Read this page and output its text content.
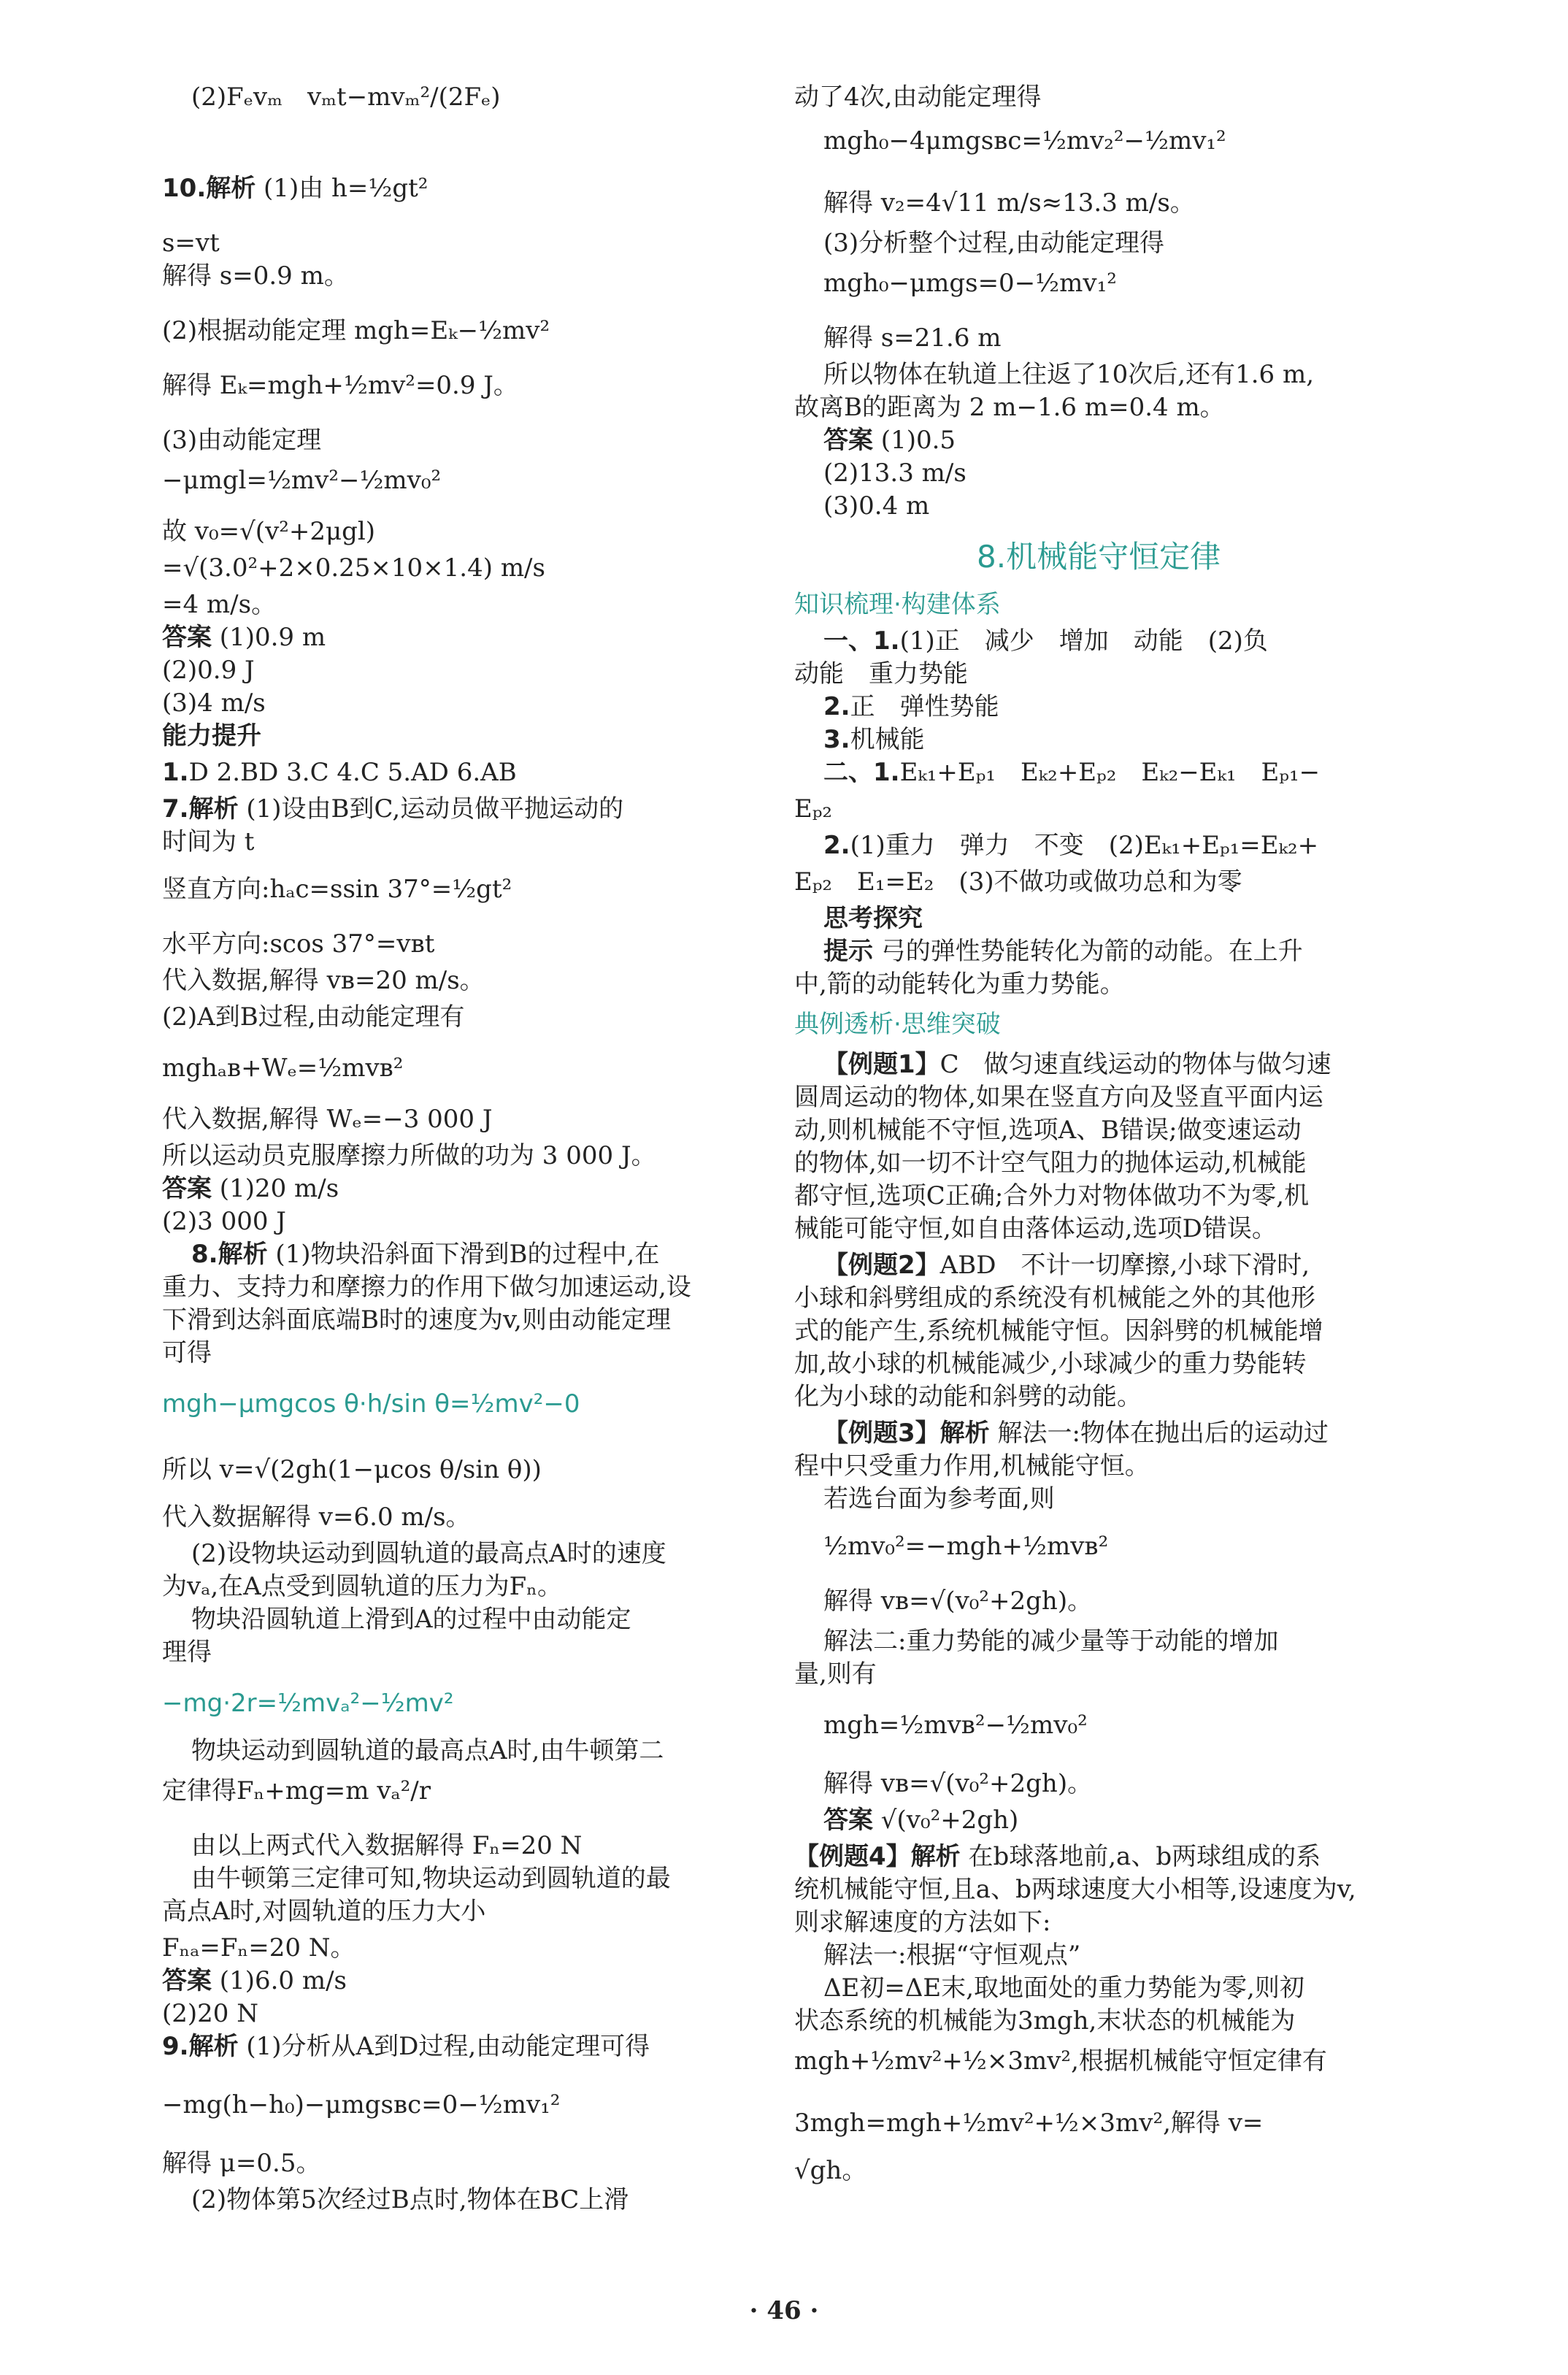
(2)Fₑvₘ　vₘt−mvₘ²/(2Fₑ)
10.解析 (1)由 h=½gt²
s=vt
解得 s=0.9 m。
(2)根据动能定理 mgh=Eₖ−½mv²
解得 Eₖ=mgh+½mv²=0.9 J。
(3)由动能定理
−μmgl=½mv²−½mv₀²
故 v₀=√(v²+2μgl)
=√(3.0²+2×0.25×10×1.4) m/s
=4 m/s。
答案 (1)0.9 m
(2)0.9 J
(3)4 m/s
能力提升
1.D 2.BD 3.C 4.C 5.AD 6.AB
7.解析 (1)设由B到C,运动员做平抛运动的
时间为 t
竖直方向:hₐc=ssin 37°=½gt²
水平方向:scos 37°=vʙt
代入数据,解得 vʙ=20 m/s。
(2)A到B过程,由动能定理有
mghₐʙ+Wₑ=½mvʙ²
代入数据,解得 Wₑ=−3 000 J
所以运动员克服摩擦力所做的功为 3 000 J。
答案 (1)20 m/s
(2)3 000 J
8.解析 (1)物块沿斜面下滑到B的过程中,在
重力、支持力和摩擦力的作用下做匀加速运动,设
下滑到达斜面底端B时的速度为v,则由动能定理
可得
mgh−μmgcos θ·h/sin θ=½mv²−0
所以 v=√(2gh(1−μcos θ/sin θ))
代入数据解得 v=6.0 m/s。
(2)设物块运动到圆轨道的最高点A时的速度
为vₐ,在A点受到圆轨道的压力为Fₙ。
物块沿圆轨道上滑到A的过程中由动能定
理得
−mg·2r=½mvₐ²−½mv²
物块运动到圆轨道的最高点A时,由牛顿第二
定律得Fₙ+mg=m vₐ²/r
由以上两式代入数据解得 Fₙ=20 N
由牛顿第三定律可知,物块运动到圆轨道的最
高点A时,对圆轨道的压力大小
Fₙₐ=Fₙ=20 N。
答案 (1)6.0 m/s
(2)20 N
9.解析 (1)分析从A到D过程,由动能定理可得
−mg(h−h₀)−μmgsʙc=0−½mv₁²
解得 μ=0.5。
(2)物体第5次经过B点时,物体在BC上滑
动了4次,由动能定理得
mgh₀−4μmgsʙc=½mv₂²−½mv₁²
解得 v₂=4√11 m/s≈13.3 m/s。
(3)分析整个过程,由动能定理得
mgh₀−μmgs=0−½mv₁²
解得 s=21.6 m
所以物体在轨道上往返了10次后,还有1.6 m,
故离B的距离为 2 m−1.6 m=0.4 m。
答案 (1)0.5
(2)13.3 m/s
(3)0.4 m
8.机械能守恒定律
知识梳理·构建体系
一、1.(1)正　减少　增加　动能　(2)负
动能　重力势能
2.正　弹性势能
3.机械能
二、1.Eₖ₁+Eₚ₁　Eₖ₂+Eₚ₂　Eₖ₂−Eₖ₁　Eₚ₁−
Eₚ₂
2.(1)重力　弹力　不变　(2)Eₖ₁+Eₚ₁=Eₖ₂+
Eₚ₂　E₁=E₂　(3)不做功或做功总和为零
思考探究
提示 弓的弹性势能转化为箭的动能。在上升
中,箭的动能转化为重力势能。
典例透析·思维突破
【例题1】C　做匀速直线运动的物体与做匀速
圆周运动的物体,如果在竖直方向及竖直平面内运
动,则机械能不守恒,选项A、B错误;做变速运动
的物体,如一切不计空气阻力的抛体运动,机械能
都守恒,选项C正确;合外力对物体做功不为零,机
械能可能守恒,如自由落体运动,选项D错误。
【例题2】ABD　不计一切摩擦,小球下滑时,
小球和斜劈组成的系统没有机械能之外的其他形
式的能产生,系统机械能守恒。因斜劈的机械能增
加,故小球的机械能减少,小球减少的重力势能转
化为小球的动能和斜劈的动能。
【例题3】解析 解法一:物体在抛出后的运动过
程中只受重力作用,机械能守恒。
若选台面为参考面,则
½mv₀²=−mgh+½mvʙ²
解得 vʙ=√(v₀²+2gh)。
解法二:重力势能的减少量等于动能的增加
量,则有
mgh=½mvʙ²−½mv₀²
解得 vʙ=√(v₀²+2gh)。
答案 √(v₀²+2gh)
【例题4】解析 在b球落地前,a、b两球组成的系
统机械能守恒,且a、b两球速度大小相等,设速度为v,
则求解速度的方法如下:
解法一:根据“守恒观点”
ΔE初=ΔE末,取地面处的重力势能为零,则初
状态系统的机械能为3mgh,末状态的机械能为
mgh+½mv²+½×3mv²,根据机械能守恒定律有
3mgh=mgh+½mv²+½×3mv²,解得 v=
√gh。
· 46 ·
